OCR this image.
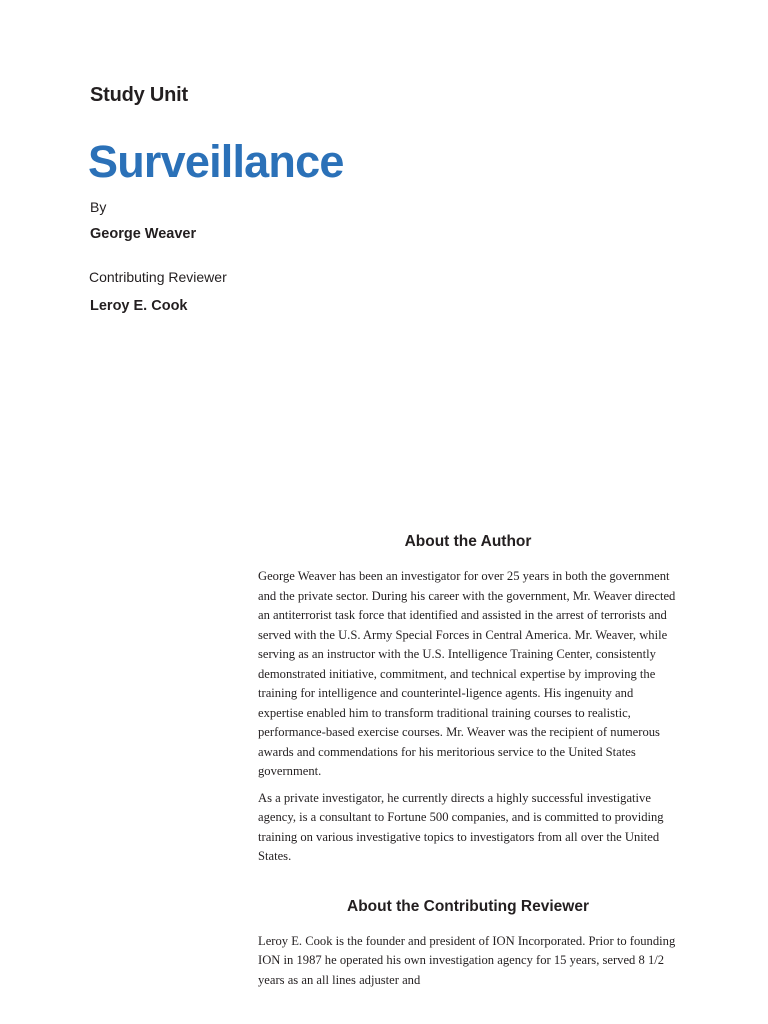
Study Unit
Surveillance
By
George Weaver
Contributing Reviewer
Leroy E. Cook
About the Author

George Weaver has been an investigator for over 25 years in both the government and the private sector. During his career with the government, Mr. Weaver directed an antiterrorist task force that identified and assisted in the arrest of terrorists and served with the U.S. Army Special Forces in Central America. Mr. Weaver, while serving as an instructor with the U.S. Intelligence Training Center, consistently demonstrated initiative, commitment, and technical expertise by improving the training for intelligence and counterintel-ligence agents. His ingenuity and expertise enabled him to transform traditional training courses to realistic, performance-based exercise courses. Mr. Weaver was the recipient of numerous awards and commendations for his meritorious service to the United States government.

As a private investigator, he currently directs a highly successful investigative agency, is a consultant to Fortune 500 companies, and is committed to providing training on various investigative topics to investigators from all over the United States.

About the Contributing Reviewer

Leroy E. Cook is the founder and president of ION Incorporated. Prior to founding ION in 1987 he operated his own investigation agency for 15 years, served 8 1/2 years as an all lines adjuster and
